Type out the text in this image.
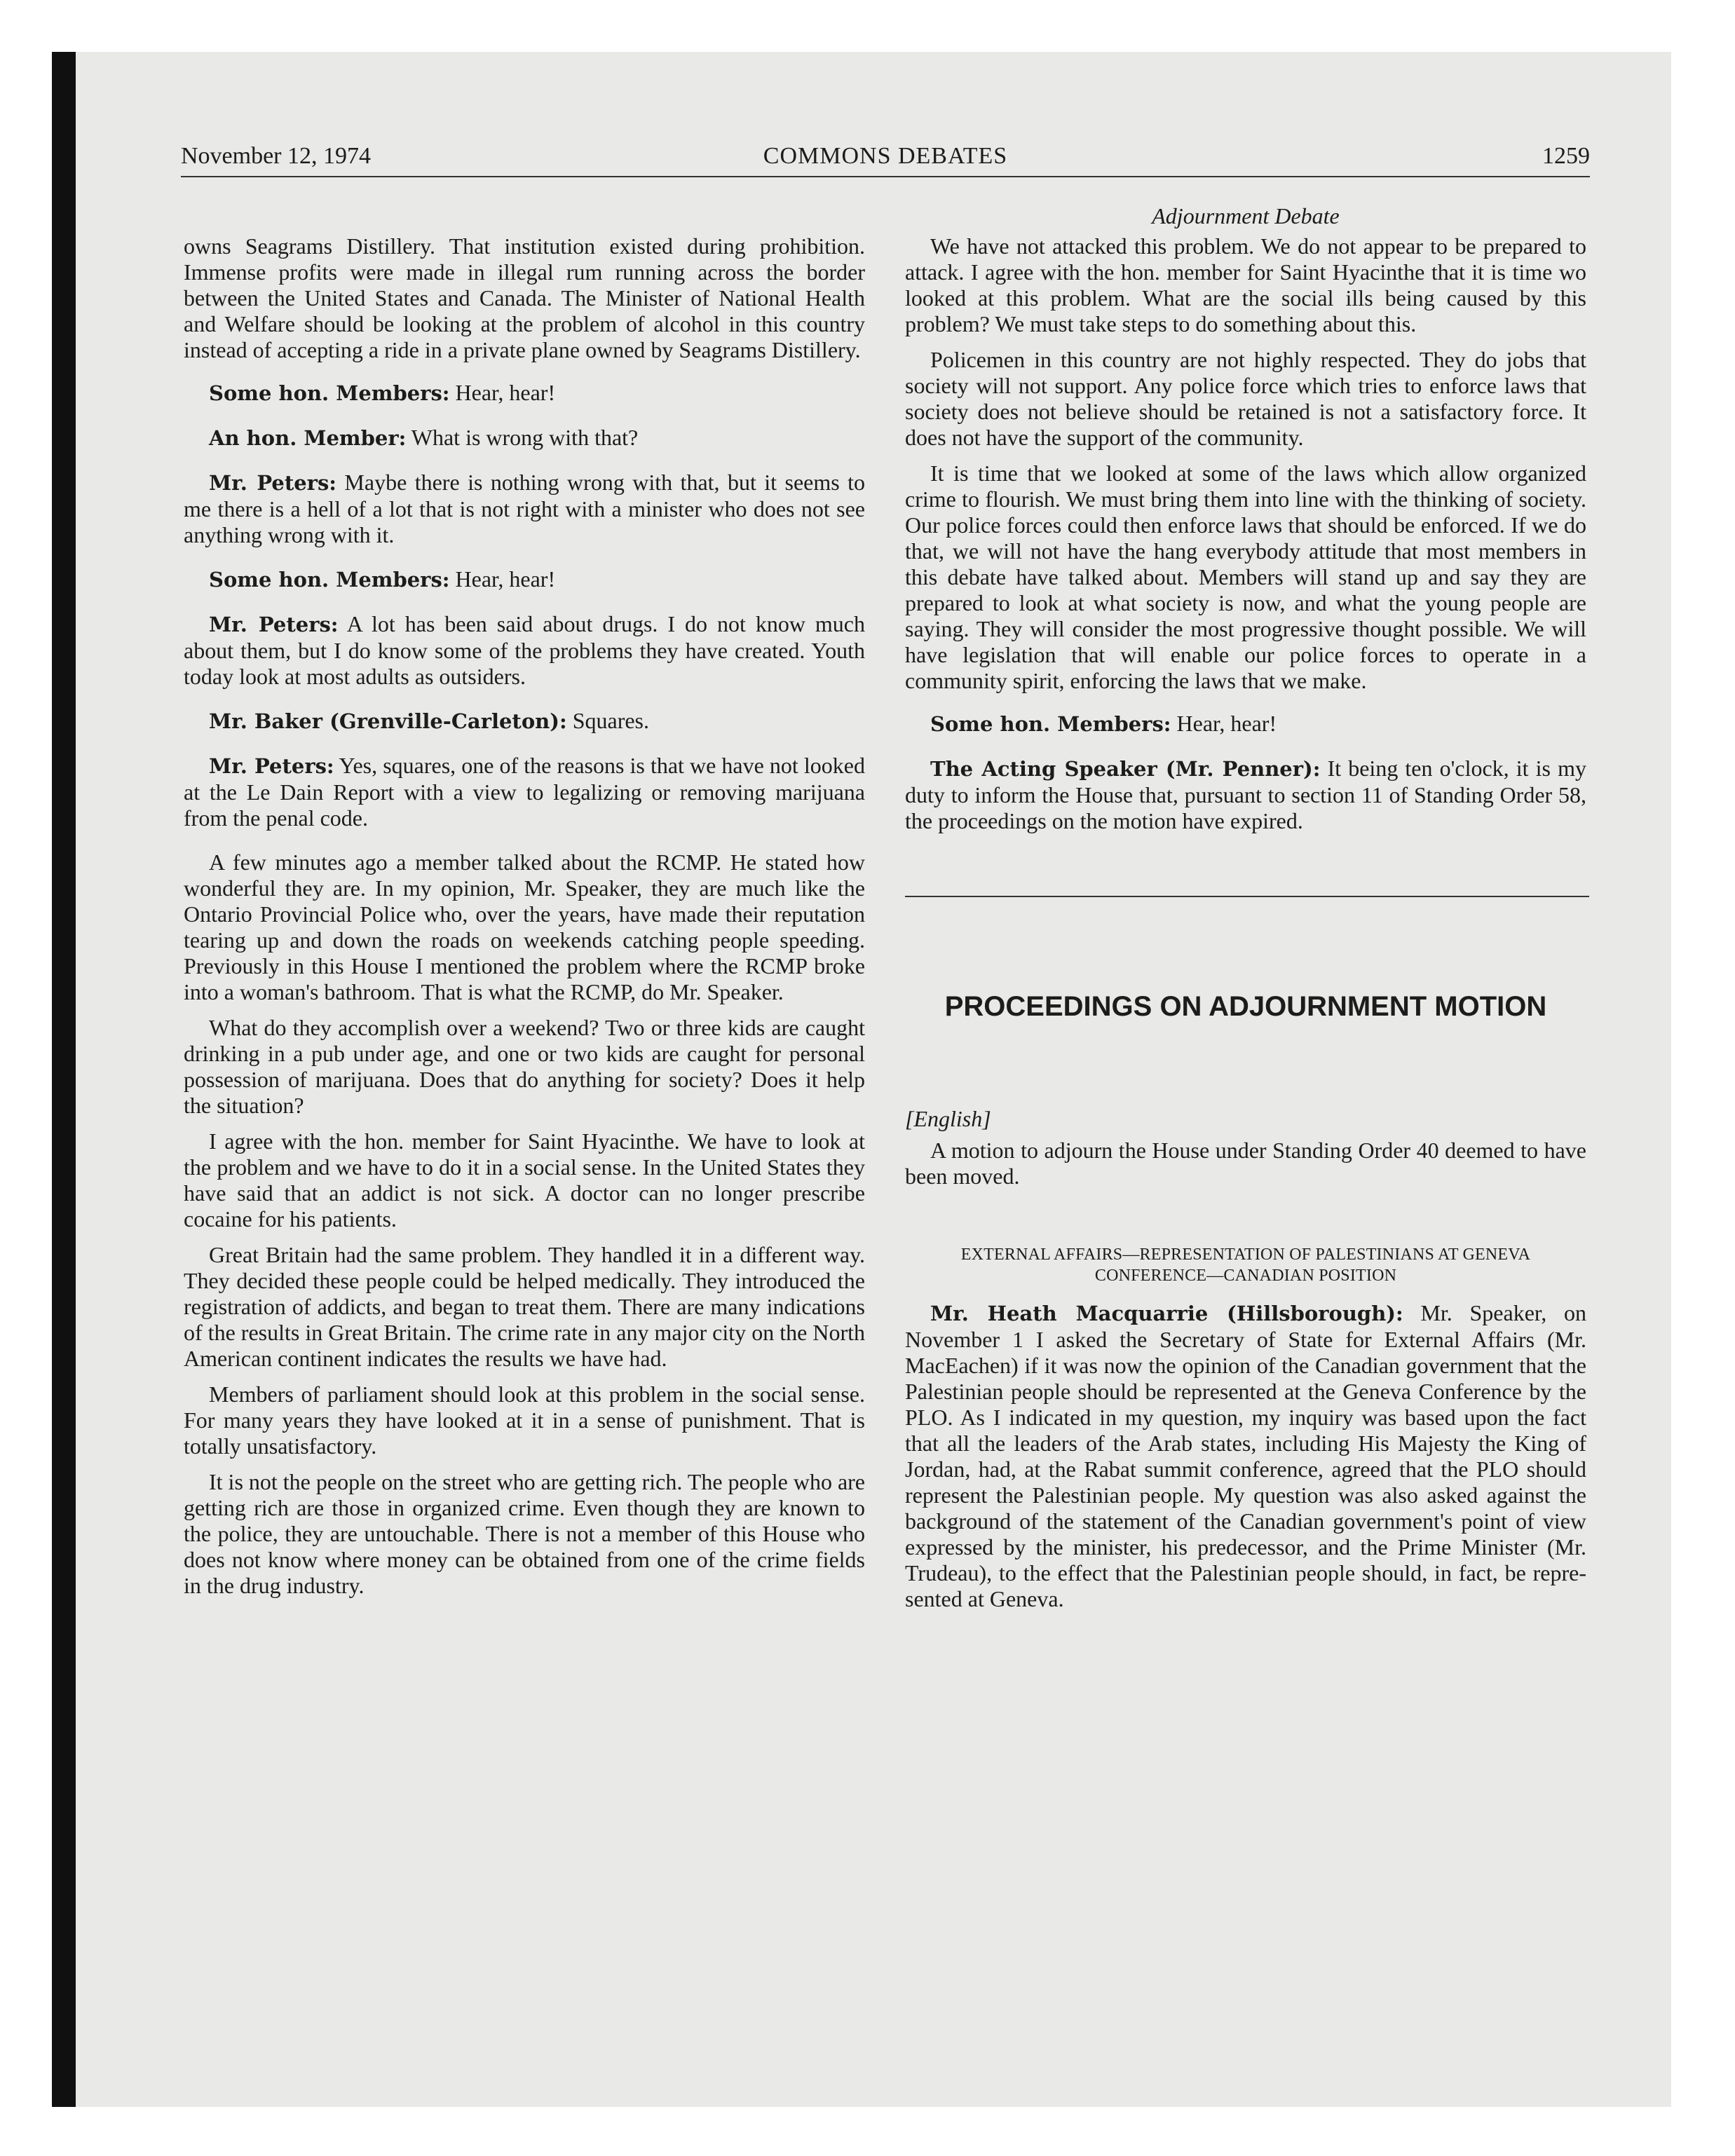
November 12, 1974	COMMONS DEBATES	1259

owns Seagrams Distillery. That institution existed during prohibition. Immense profits were made in illegal rum running across the border between the United States and Canada. The Minister of National Health and Welfare should be looking at the problem of alcohol in this country instead of accepting a ride in a private plane owned by Seagrams Distillery.

Some hon. Members: Hear, hear!

An hon. Member: What is wrong with that?

Mr. Peters: Maybe there is nothing wrong with that, but it seems to me there is a hell of a lot that is not right with a minister who does not see anything wrong with it.

Some hon. Members: Hear, hear!

Mr. Peters: A lot has been said about drugs. I do not know much about them, but I do know some of the problems they have created. Youth today look at most adults as outsiders.

Mr. Baker (Grenville-Carleton): Squares.

Mr. Peters: Yes, squares, one of the reasons is that we have not looked at the Le Dain Report with a view to legalizing or removing marijuana from the penal code.

A few minutes ago a member talked about the RCMP. He stated how wonderful they are. In my opinion, Mr. Speaker, they are much like the Ontario Provincial Police who, over the years, have made their reputation tearing up and down the roads on weekends catching people speeding. Previously in this House I mentioned the problem where the RCMP broke into a woman's bathroom. That is what the RCMP, do Mr. Speaker.

What do they accomplish over a weekend? Two or three kids are caught drinking in a pub under age, and one or two kids are caught for personal possession of marijuana. Does that do anything for society? Does it help the situation?

I agree with the hon. member for Saint Hyacinthe. We have to look at the problem and we have to do it in a social sense. In the United States they have said that an addict is not sick. A doctor can no longer prescribe cocaine for his patients.

Great Britain had the same problem. They handled it in a different way. They decided these people could be helped medically. They introduced the registration of addicts, and began to treat them. There are many indications of the results in Great Britain. The crime rate in any major city on the North American continent indicates the results we have had.

Members of parliament should look at this problem in the social sense. For many years they have looked at it in a sense of punishment. That is totally unsatisfactory.

It is not the people on the street who are getting rich. The people who are getting rich are those in organized crime. Even though they are known to the police, they are untouchable. There is not a member of this House who does not know where money can be obtained from one of the crime fields in the drug industry.

Adjournment Debate

We have not attacked this problem. We do not appear to be prepared to attack. I agree with the hon. member for Saint Hyacinthe that it is time wo looked at this problem. What are the social ills being caused by this problem? We must take steps to do something about this.

Policemen in this country are not highly respected. They do jobs that society will not support. Any police force which tries to enforce laws that society does not believe should be retained is not a satisfactory force. It does not have the support of the community.

It is time that we looked at some of the laws which allow organized crime to flourish. We must bring them into line with the thinking of society. Our police forces could then enforce laws that should be enforced. If we do that, we will not have the hang everybody attitude that most members in this debate have talked about. Members will stand up and say they are prepared to look at what society is now, and what the young people are saying. They will consider the most progressive thought possible. We will have legislation that will enable our police forces to operate in a community spirit, enforcing the laws that we make.

Some hon. Members: Hear, hear!

The Acting Speaker (Mr. Penner): It being ten o'clock, it is my duty to inform the House that, pursuant to section 11 of Standing Order 58, the proceedings on the motion have expired.

PROCEEDINGS ON ADJOURNMENT MOTION
[English]

A motion to adjourn the House under Standing Order 40 deemed to have been moved.

EXTERNAL AFFAIRS—REPRESENTATION OF PALESTINIANS AT GENEVA CONFERENCE—CANADIAN POSITION

Mr. Heath Macquarrie (Hillsborough): Mr. Speaker, on November 1 I asked the Secretary of State for External Affairs (Mr. MacEachen) if it was now the opinion of the Canadian government that the Palestinian people should be represented at the Geneva Conference by the PLO. As I indicated in my question, my inquiry was based upon the fact that all the leaders of the Arab states, including His Majesty the King of Jordan, had, at the Rabat summit conference, agreed that the PLO should represent the Palestinian people. My question was also asked against the background of the statement of the Canadian government's point of view expressed by the minister, his predecessor, and the Prime Minister (Mr. Trudeau), to the effect that the Palestinian people should, in fact, be represented at Geneva.
